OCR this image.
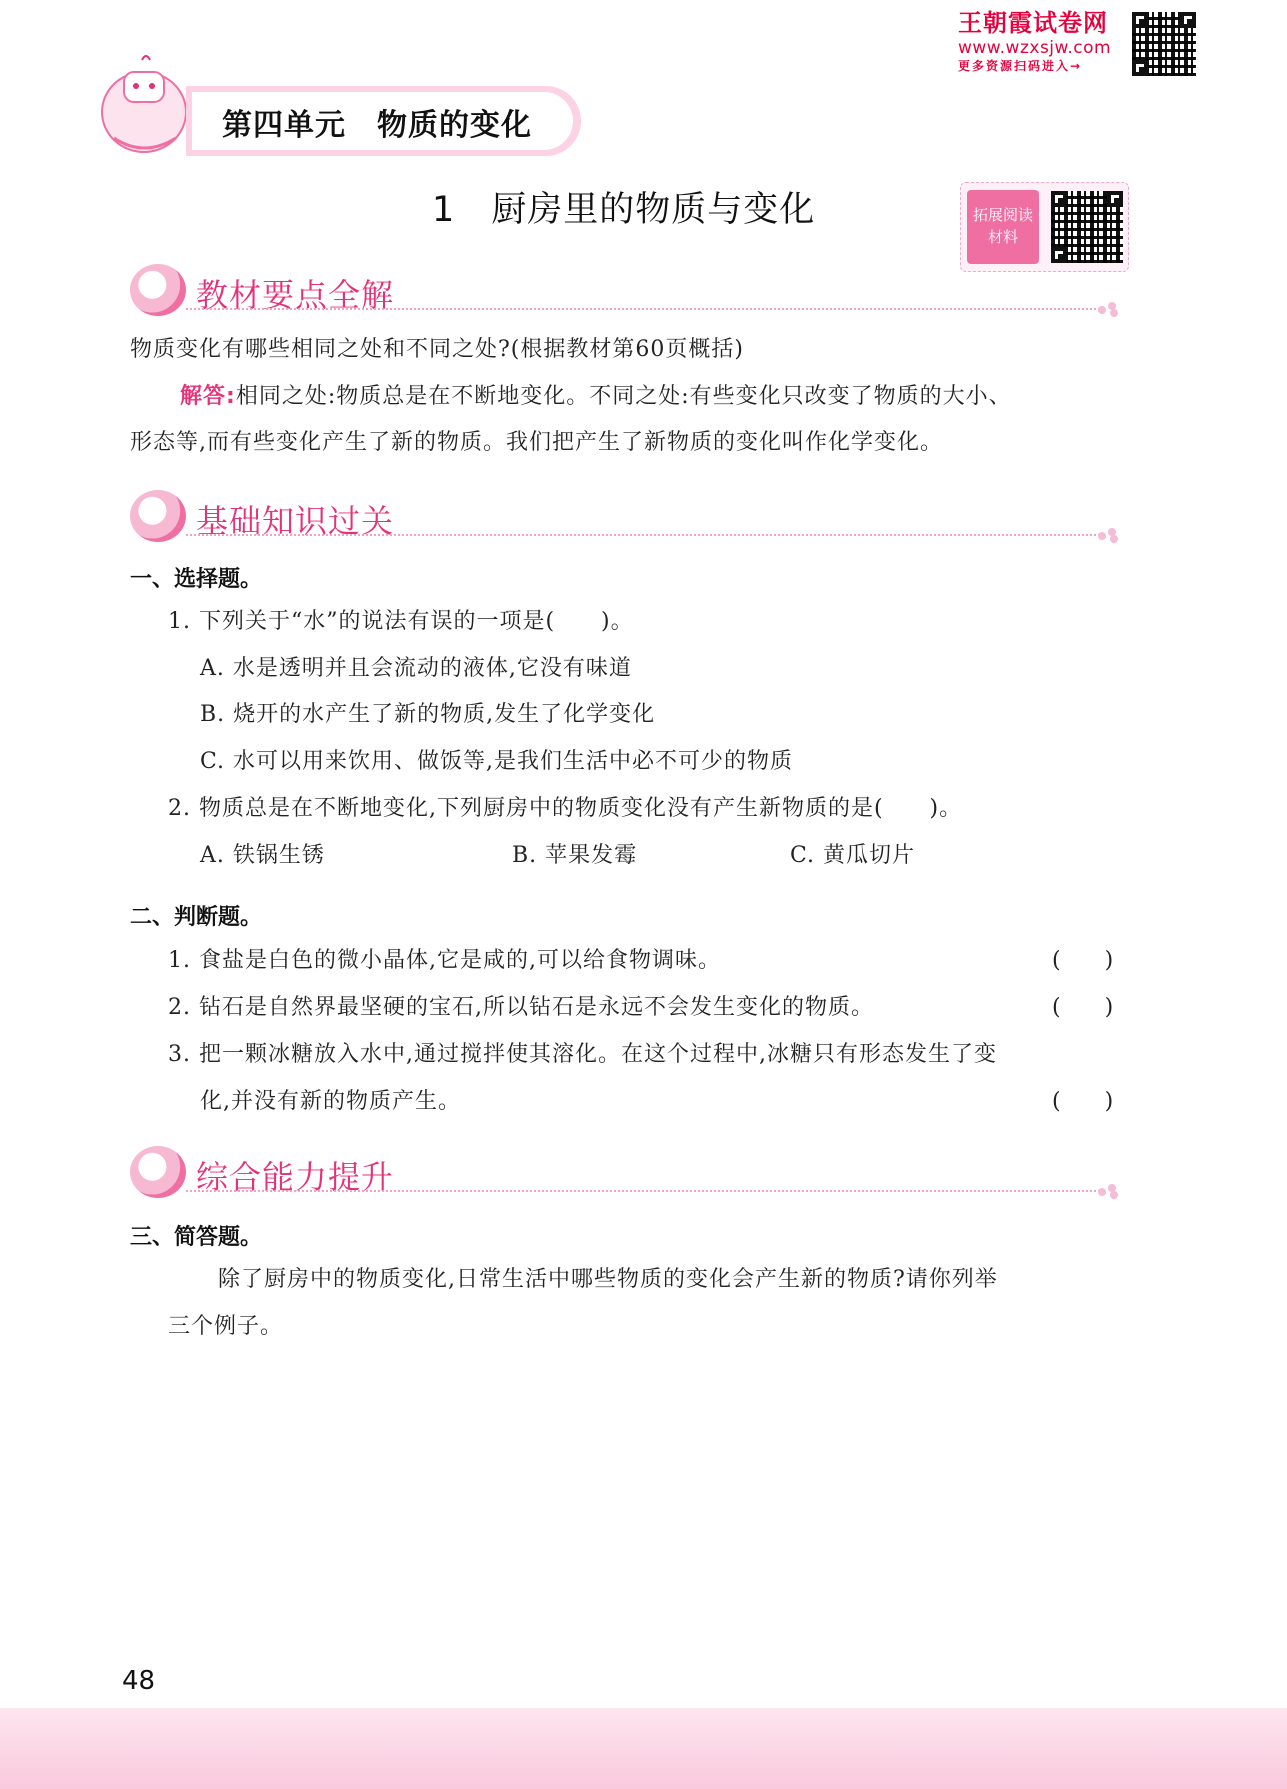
王朝霞试卷网
www.wzxsjw.com
更多资源扫码进入→
第四单元　物质的变化
1　厨房里的物质与变化	拓展阅读
材料
教材要点全解
物质变化有哪些相同之处和不同之处?(根据教材第60页概括)
解答:相同之处:物质总是在不断地变化。不同之处:有些变化只改变了物质的大小、
形态等,而有些变化产生了新的物质。我们把产生了新物质的变化叫作化学变化。
基础知识过关
一、选择题。
1. 下列关于“水”的说法有误的一项是(　　)。
A. 水是透明并且会流动的液体,它没有味道
B. 烧开的水产生了新的物质,发生了化学变化
C. 水可以用来饮用、做饭等,是我们生活中必不可少的物质
2. 物质总是在不断地变化,下列厨房中的物质变化没有产生新物质的是(　　)。
A. 铁锅生锈	B. 苹果发霉	C. 黄瓜切片
二、判断题。
1. 食盐是白色的微小晶体,它是咸的,可以给食物调味。	(　　)
2. 钻石是自然界最坚硬的宝石,所以钻石是永远不会发生变化的物质。	(　　)
3. 把一颗冰糖放入水中,通过搅拌使其溶化。在这个过程中,冰糖只有形态发生了变
化,并没有新的物质产生。	(　　)
综合能力提升
三、简答题。
除了厨房中的物质变化,日常生活中哪些物质的变化会产生新的物质?请你列举
三个例子。
48
